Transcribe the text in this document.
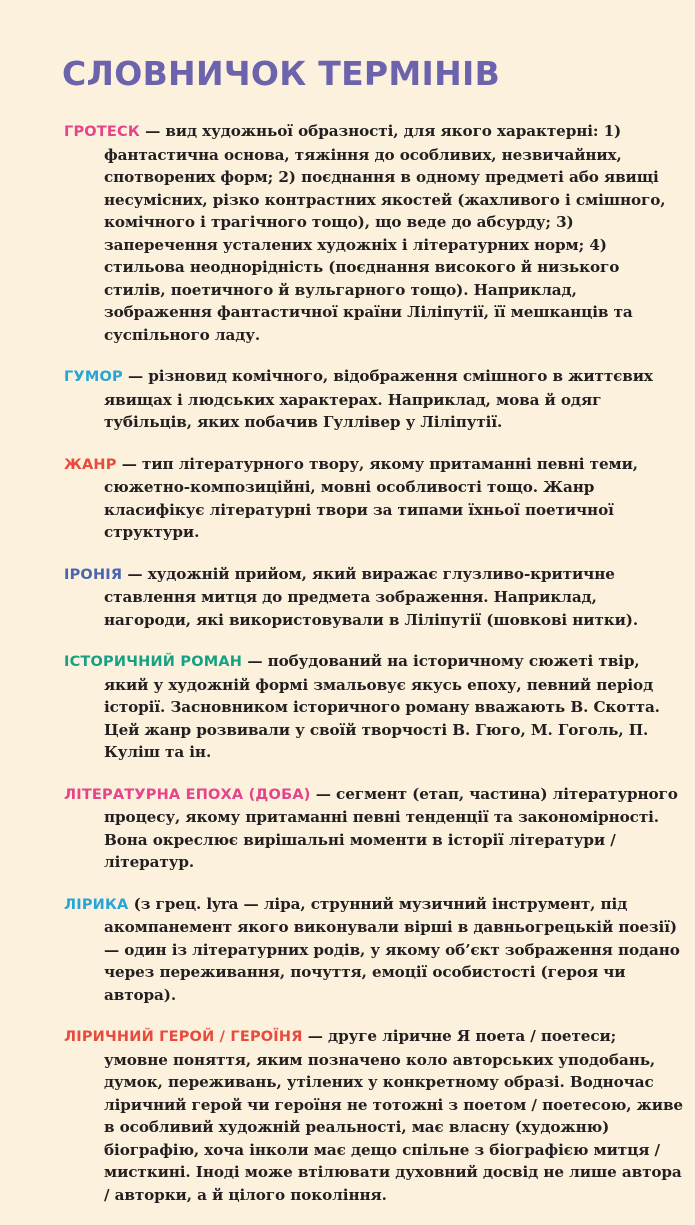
СЛОВНИЧОК ТЕРМІНІВ

ГРОТЕСК — вид художньої образності, для якого характерні: 1) фантастична основа, тяжіння до особливих, незвичайних, спотворених форм; 2) поєднання в одному предметі або явищі несумісних, різко контрастних якостей (жахливого і смішного, комічного і трагічного тощо), що веде до абсурду; 3) заперечення усталених художніх і літературних норм; 4) стильова неоднорідність (поєднання високого й низького стилів, поетичного й вульгарного тощо). Наприклад, зображення фантастичної країни Ліліпутії, її мешканців та суспільного ладу.

ГУМОР — різновид комічного, відображення смішного в життєвих явищах і людських характерах. Наприклад, мова й одяг тубільців, яких побачив Гуллівер у Ліліпутії.

ЖАНР — тип літературного твору, якому притаманні певні теми, сюжетно-композиційні, мовні особливості тощо. Жанр класифікує літературні твори за типами їхньої поетичної структури.

ІРОНІЯ — художній прийом, який виражає глузливо-критичне ставлення митця до предмета зображення. Наприклад, нагороди, які використовували в Ліліпутії (шовкові нитки).

ІСТОРИЧНИЙ РОМАН — побудований на історичному сюжеті твір, який у художній формі змальовує якусь епоху, певний період історії. Засновником історичного роману вважають В. Скотта. Цей жанр розвивали у своїй творчості В. Гюго, М. Гоголь, П. Куліш та ін.

ЛІТЕРАТУРНА ЕПОХА (ДОБА) — сегмент (етап, частина) літературного процесу, якому притаманні певні тенденції та закономірності. Вона окреслює вирішальні моменти в історії літератури / літератур.

ЛІРИКА (з грец. lyra — ліра, струнний музичний інструмент, під акомпанемент якого виконували вірші в давньогрецькій поезії) — один із літературних родів, у якому об’єкт зображення подано через переживання, почуття, емоції особистості (героя чи автора).

ЛІРИЧНИЙ ГЕРОЙ / ГЕРОЇНЯ — друге ліричне Я поета / поетеси; умовне поняття, яким позначено коло авторських уподобань, думок, переживань, утілених у конкретному образі. Водночас ліричний герой чи героїня не тотожні з поетом / поетесою, живе в особливий художній реальності, має власну (художню) біографію, хоча інколи має дещо спільне з біографією митця / мисткині. Іноді може втілювати духовний досвід не лише автора / авторки, а й цілого покоління.
